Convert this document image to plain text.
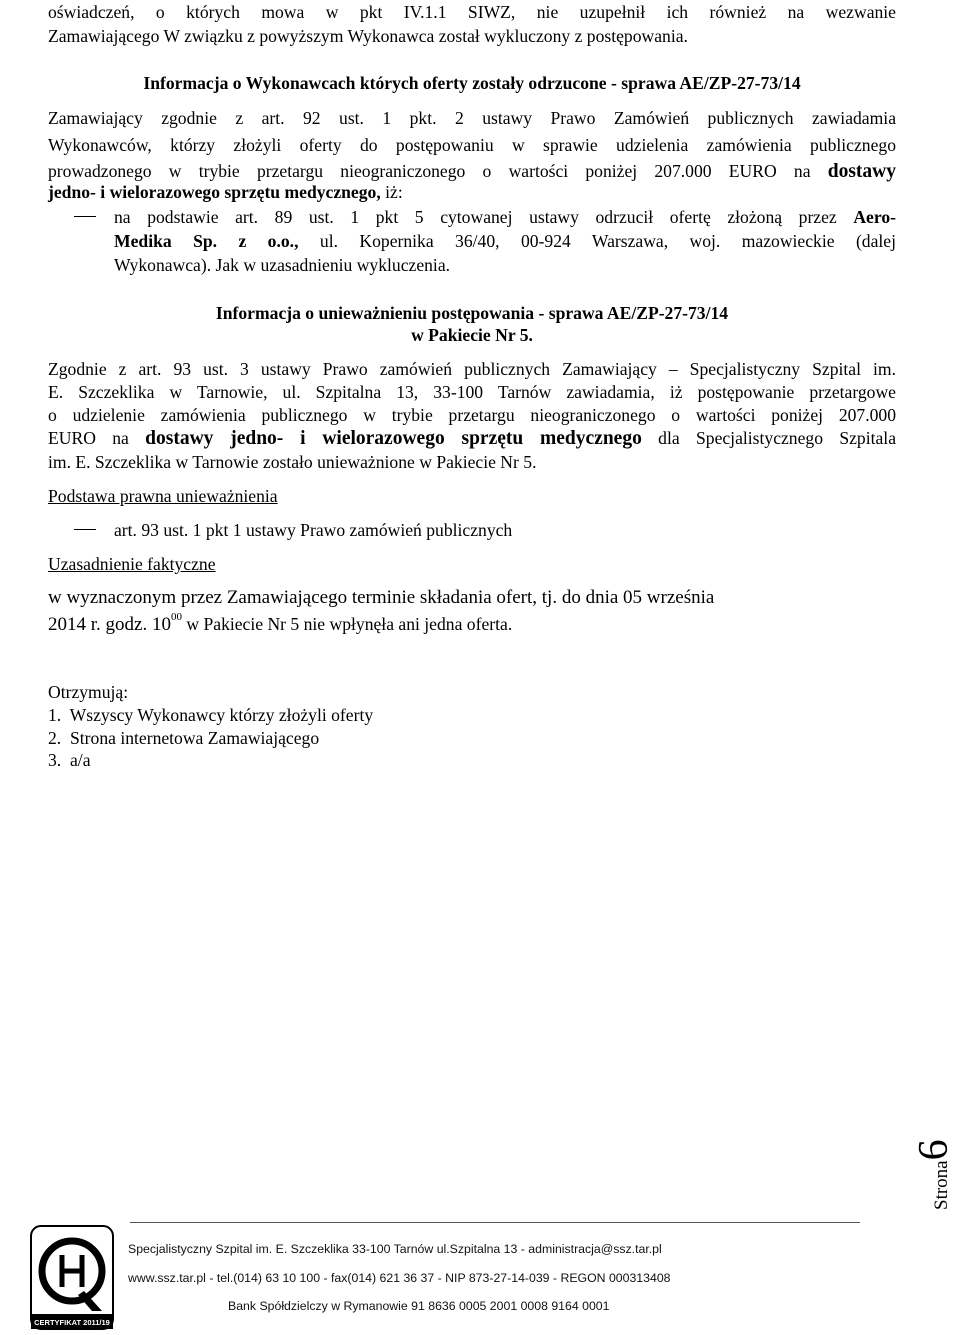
oświadczeń, o których mowa w pkt IV.1.1 SIWZ, nie uzupełnił ich również na wezwanie

Zamawiającego W związku z powyższym Wykonawca został wykluczony z postępowania.

Informacja o Wykonawcach których oferty zostały odrzucone - sprawa AE/ZP-27-73/14

Zamawiający zgodnie z art. 92 ust. 1 pkt. 2 ustawy Prawo Zamówień publicznych zawiadamia

Wykonawców, którzy złożyli oferty do postępowaniu w sprawie udzielenia zamówienia publicznego

prowadzonego w trybie przetargu nieograniczonego o wartości poniżej 207.000 EURO na dostawy

jedno- i wielorazowego sprzętu medycznego, iż:

na podstawie art. 89 ust. 1 pkt 5 cytowanej ustawy odrzucił ofertę złożoną przez Aero-

Medika Sp. z o.o., ul. Kopernika 36/40, 00-924 Warszawa, woj. mazowieckie (dalej

Wykonawca). Jak w uzasadnieniu wykluczenia.

Informacja o unieważnieniu postępowania - sprawa AE/ZP-27-73/14

w Pakiecie Nr 5.

Zgodnie z art. 93 ust. 3 ustawy Prawo zamówień publicznych Zamawiający – Specjalistyczny Szpital im.

E. Szczeklika w Tarnowie, ul. Szpitalna 13, 33-100 Tarnów zawiadamia, iż postępowanie przetargowe

o udzielenie zamówienia publicznego w trybie przetargu nieograniczonego o wartości poniżej 207.000

EURO na dostawy jedno- i wielorazowego sprzętu medycznego dla Specjalistycznego Szpitala

im. E. Szczeklika w Tarnowie zostało unieważnione w Pakiecie Nr 5.

Podstawa prawna unieważnienia

art. 93 ust. 1 pkt 1 ustawy Prawo zamówień publicznych

Uzasadnienie faktyczne

w wyznaczonym przez Zamawiającego terminie składania ofert, tj. do dnia 05 września

2014 r. godz. $10^{00}$ w Pakiecie Nr 5 nie wpłynęła ani jedna oferta.

Otrzymują:

1.  Wszyscy Wykonawcy którzy złożyli oferty

2.  Strona internetowa Zamawiającego

3.  a/a

Strona6
CERTYFIKAT 2011/19
Specjalistyczny Szpital im. E. Szczeklika 33-100 Tarnów ul.Szpitalna 13 - administracja@ssz.tar.pl
www.ssz.tar.pl - tel.(014) 63 10 100 - fax(014) 621 36 37 - NIP 873-27-14-039 - REGON 000313408
Bank Spółdzielczy w Rymanowie 91 8636 0005 2001 0008 9164 0001
